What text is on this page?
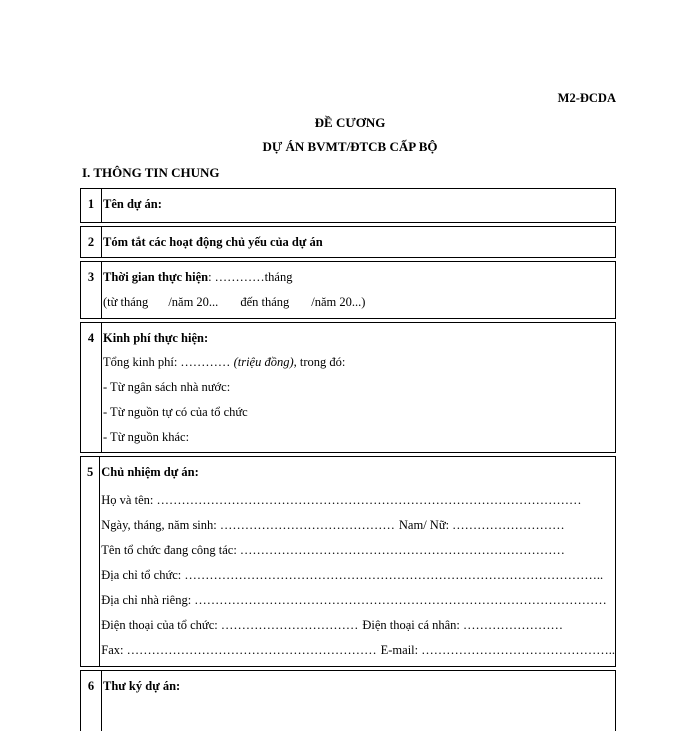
M2-ĐCDA
ĐỀ CƯƠNG
DỰ ÁN BVMT/ĐTCB CẤP BỘ
I. THÔNG TIN CHUNG
1 Tên dự án:
2 Tóm tắt các hoạt động chủ yếu của dự án
3 Thời gian thực hiện: …………tháng
(từ tháng /năm 20... đến tháng /năm 20...)
4 Kinh phí thực hiện:
Tổng kinh phí: ………… (triệu đồng), trong đó:
- Từ ngân sách nhà nước:
- Từ nguồn tự có của tổ chức
- Từ nguồn khác:
5 Chủ nhiệm dự án:
Họ và tên: …………………………………………………………………………………………
Ngày, tháng, năm sinh: …………………………………… Nam/ Nữ: ………………………
Tên tổ chức đang công tác: ……………………………………………………………………
Địa chỉ tổ chức: ………………………………………………………………………………………..
Địa chỉ nhà riêng: ………………………………………………………………………………………
Điện thoại của tổ chức: …………………………… Điện thoại cá nhân: ……………………
Fax: …………………………………………………… E-mail: ………………………………………..
6 Thư ký dự án:
